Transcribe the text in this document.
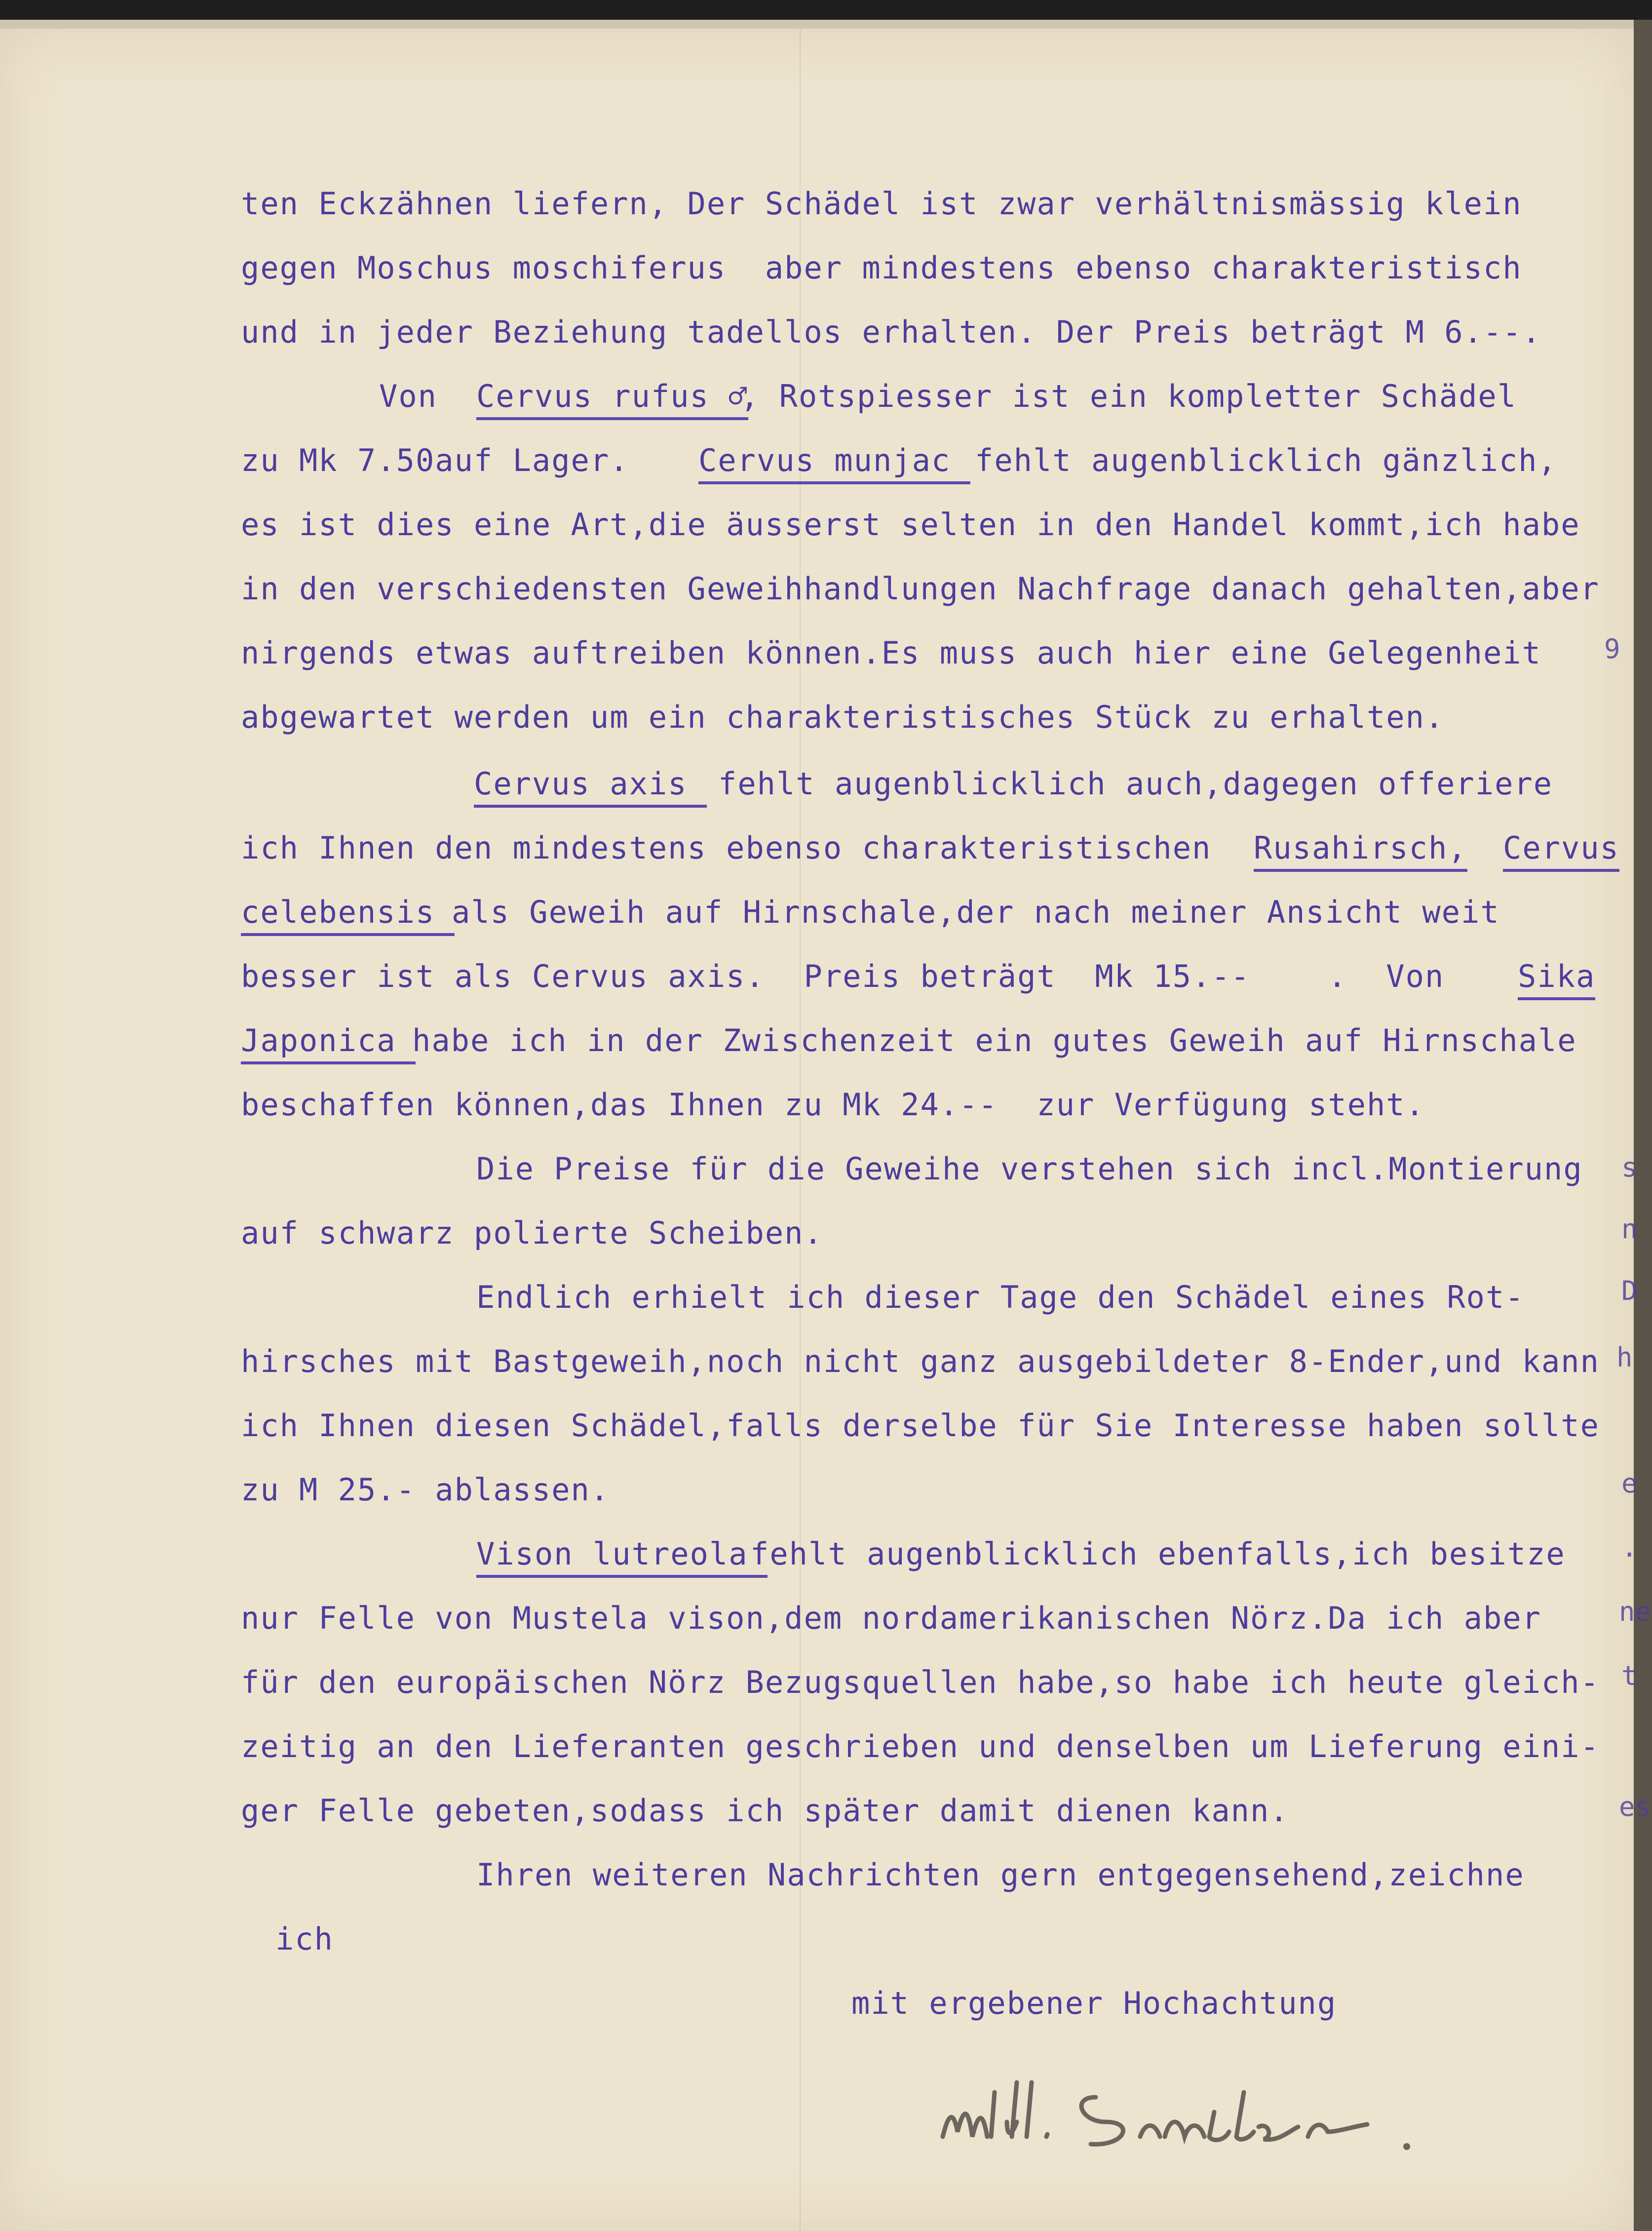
ten Eckzähnen liefern, Der Schädel ist zwar verhältnismässig klein
gegen Moschus moschiferus  aber mindestens ebenso charakteristisch
und in jeder Beziehung tadellos erhalten. Der Preis beträgt M 6.--.

Von

Cervus rufus ♂

, Rotspiesser ist ein kompletter Schädel

zu Mk 7.50auf Lager.

Cervus munjac

fehlt augenblicklich gänzlich,

es ist dies eine Art,die äusserst selten in den Handel kommt,ich habe
in den verschiedensten Geweihhandlungen Nachfrage danach gehalten,aber
nirgends etwas auftreiben können.Es muss auch hier eine Gelegenheit
abgewartet werden um ein charakteristisches Stück zu erhalten.

Cervus axis

fehlt augenblicklich auch,dagegen offeriere

ich Ihnen den mindestens ebenso charakteristischen

Rusahirsch,

Cervus

celebensis

als Geweih auf Hirnschale,der nach meiner Ansicht weit

besser ist als Cervus axis.  Preis beträgt  Mk 15.--    .  Von

Sika

Japonica

habe ich in der Zwischenzeit ein gutes Geweih auf Hirnschale

beschaffen können,das Ihnen zu Mk 24.--  zur Verfügung steht.
Die Preise für die Geweihe verstehen sich incl.Montierung
auf schwarz polierte Scheiben.
Endlich erhielt ich dieser Tage den Schädel eines Rot-
hirsches mit Bastgeweih,noch nicht ganz ausgebildeter 8-Ender,und kann
ich Ihnen diesen Schädel,falls derselbe für Sie Interesse haben sollte
zu M 25.- ablassen.

Vison lutreola

fehlt augenblicklich ebenfalls,ich besitze

nur Felle von Mustela vison,dem nordamerikanischen Nörz.Da ich aber
für den europäischen Nörz Bezugsquellen habe,so habe ich heute gleich-
zeitig an den Lieferanten geschrieben und denselben um Lieferung eini-
ger Felle gebeten,sodass ich später damit dienen kann.
Ihren weiteren Nachrichten gern entgegensehend,zeichne
ich
mit ergebener Hochachtung
9
s
n
D
h
e
.
ne
t
es
